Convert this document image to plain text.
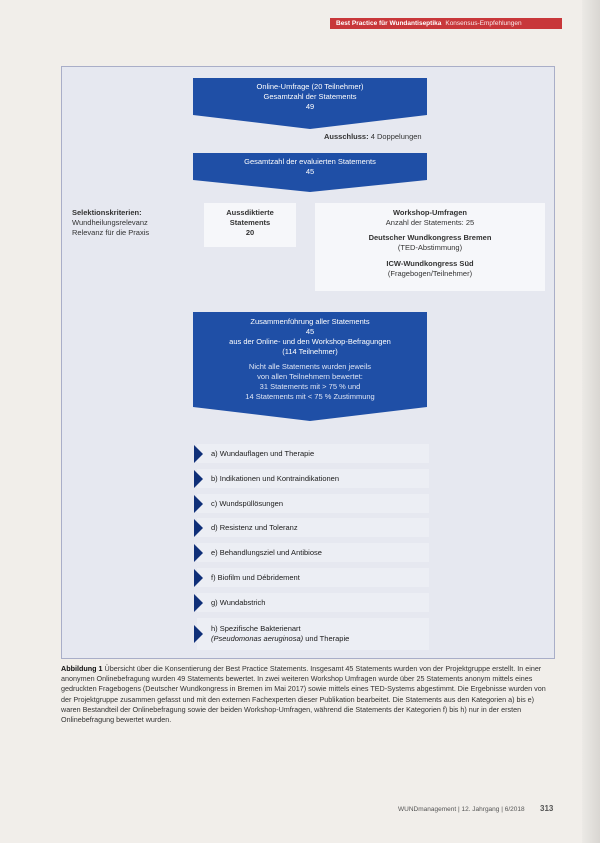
Best Practice für Wundantiseptika Konsensus-Empfehlungen
Online-Umfrage (20 Teilnehmer)
Gesamtzahl der Statements
49
Ausschluss: 4 Doppelungen
Gesamtzahl der evaluierten Statements
45
Selektionskriterien:
Wundheilungsrelevanz
Relevanz für die Praxis
Aussdiktierte
Statements
20
Workshop-Umfragen
Anzahl der Statements: 25
Deutscher Wundkongress Bremen
(TED-Abstimmung)
ICW-Wundkongress Süd
(Fragebogen/Teilnehmer)
Zusammenführung aller Statements
45
aus der Online- und den Workshop-Befragungen
(114 Teilnehmer)
Nicht alle Statements wurden jeweils
von allen Teilnehmern bewertet:
31 Statements mit > 75 % und
14 Statements mit < 75 % Zustimmung
a) Wundauflagen und Therapie
b) Indikationen und Kontraindikationen
c) Wundspüllösungen
d) Resistenz und Toleranz
e) Behandlungsziel und Antibiose
f) Biofilm und Débridement
g) Wundabstrich
h) Spezifische Bakterienart
(Pseudomonas aeruginosa) und Therapie
Abbildung 1 Übersicht über die Konsentierung der Best Practice Statements. Insgesamt 45 Statements wurden von der Projektgruppe erstellt. In einer anonymen Onlinebefragung wurden 49 Statements bewertet. In zwei weiteren Workshop Umfragen wurde über 25 Statements anonym mittels eines gedruckten Fragebogens (Deutscher Wundkongress in Bremen im Mai 2017) sowie mittels eines TED-Systems abgestimmt. Die Ergebnisse wurden von der Projektgruppe zusammen gefasst und mit den externen Fachexperten dieser Publikation bearbeitet. Die Statements aus den Kategorien a) bis e) waren Bestandteil der Onlinebefragung sowie der beiden Workshop-Umfragen, während die Statements der Kategorien f) bis h) nur in der ersten Onlinebefragung bewertet wurden.
WUNDmanagement | 12. Jahrgang | 6/2018 313
